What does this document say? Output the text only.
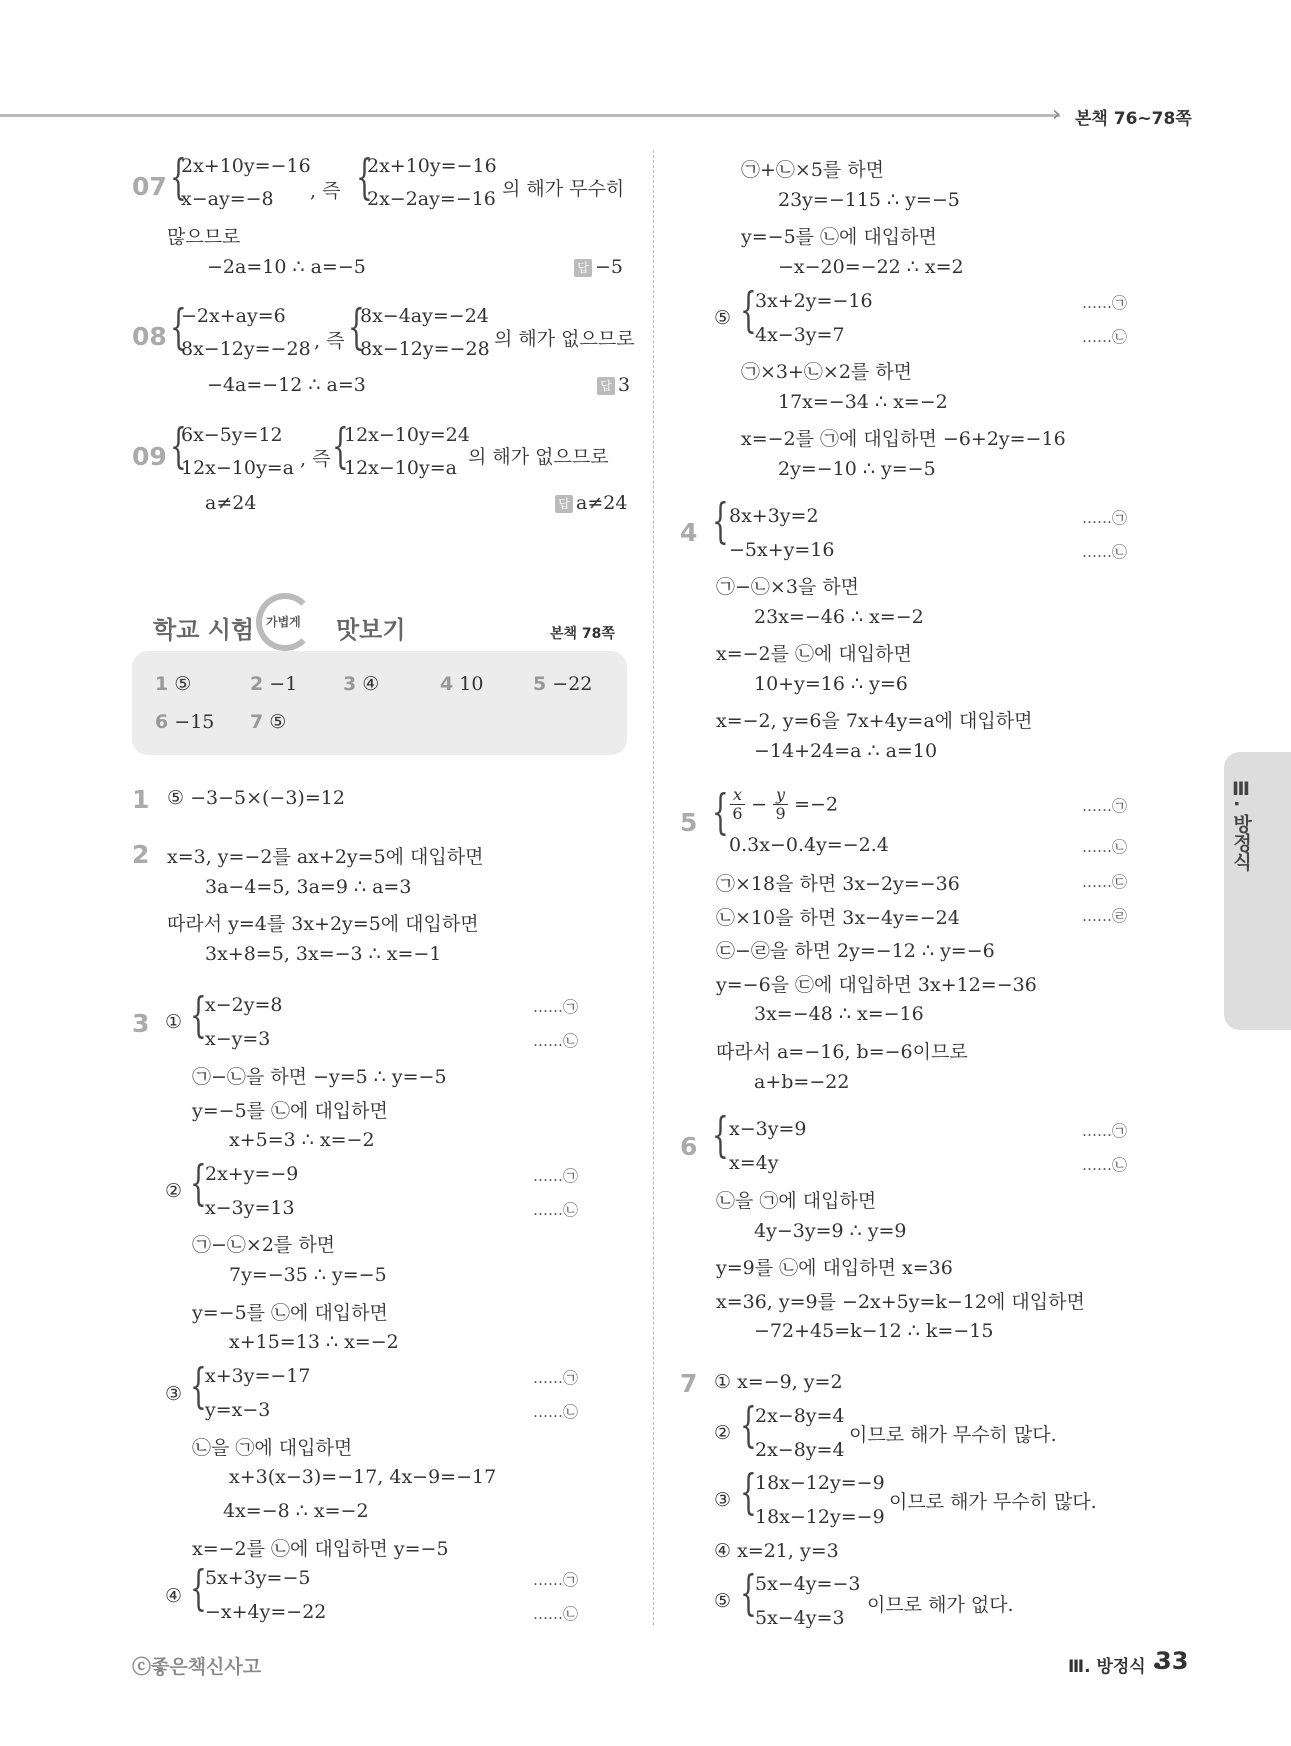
› 본책 76~78쪽
07 {
2x+10y=−16
x−ay=−8 , 즉 {
2x+10y=−16
2x−2ay=−16 의 해가 무수히
많으므로
−2a=10 ∴ a=−5	답 −5
08 {
−2x+ay=6
8x−12y=−28 , 즉 {
8x−4ay=−24
8x−12y=−28 의 해가 없으므로
−4a=−12 ∴ a=3	답 3
09 {
6x−5y=12
12x−10y=a , 즉 {
12x−10y=24
12x−10y=a 의 해가 없으므로
a≠24	답 a≠24
학교 시험 가볍게 맛보기	본책 78쪽
1 ⑤	2 −1 3 ④	4 10	5 −22
6 −15 7 ⑤
1 ⑤ −3−5×(−3)=12
2 x=3, y=−2를 ax+2y=5에 대입하면
3a−4=5, 3a=9 ∴ a=3
따라서 y=4를 3x+2y=5에 대입하면
3x+8=5, 3x=−3 ∴ x=−1
3 ① {
x−2y=8
x−y=3
……㉠
……㉡
㉠−㉡을 하면 −y=5 ∴ y=−5
y=−5를 ㉡에 대입하면
x+5=3 ∴ x=−2
② {
2x+y=−9
x−3y=13
……㉠
……㉡
㉠−㉡×2를 하면
7y=−35 ∴ y=−5
y=−5를 ㉡에 대입하면
x+15=13 ∴ x=−2
③ {
x+3y=−17
y=x−3
……㉠
……㉡
㉡을 ㉠에 대입하면
x+3(x−3)=−17, 4x−9=−17
4x=−8 ∴ x=−2
x=−2를 ㉡에 대입하면 y=−5
④ {
5x+3y=−5
−x+4y=−22
……㉠
……㉡
㉠+㉡×5를 하면
23y=−115 ∴ y=−5
y=−5를 ㉡에 대입하면
−x−20=−22 ∴ x=2
⑤ {
3x+2y=−16
4x−3y=7
……㉠
……㉡
㉠×3+㉡×2를 하면
17x=−34 ∴ x=−2
x=−2를 ㉠에 대입하면 −6+2y=−16
2y=−10 ∴ y=−5
4 { 8x+3y=2
−5x+y=16
……㉠
……㉡
㉠−㉡×3을 하면
23x=−46 ∴ x=−2
x=−2를 ㉡에 대입하면
10+y=16 ∴ y=6
x=−2, y=6을 7x+4y=a에 대입하면
−14+24=a ∴ a=10
5 { $\frac{x}{6} - \frac{y}{9} =-2$
0.3x−0.4y=−2.4
……㉠
……㉡
㉠×18을 하면 3x−2y=−36	……㉢
㉡×10을 하면 3x−4y=−24	……㉣
㉢−㉣을 하면 2y=−12 ∴ y=−6
y=−6을 ㉢에 대입하면 3x+12=−36
3x=−48 ∴ x=−16
따라서 a=−16, b=−6이므로
a+b=−22
6 { x−3y=9
x=4y
……㉠
……㉡
㉡을 ㉠에 대입하면
4y−3y=9 ∴ y=9
y=9를 ㉡에 대입하면 x=36
x=36, y=9를 −2x+5y=k−12에 대입하면
−72+45=k−12 ∴ k=−15
7 ① x=−9, y=2
② {
2x−8y=4
2x−8y=4
이므로 해가 무수히 많다.
③ {
18x−12y=−9
18x−12y=−9
이므로 해가 무수히 많다.
④ x=21, y=3
⑤ {
5x−4y=−3
5x−4y=3
이므로 해가 없다.
Ⅲ. 방정식
ⓒ좋은책신사고	Ⅲ. 방정식 •
33
